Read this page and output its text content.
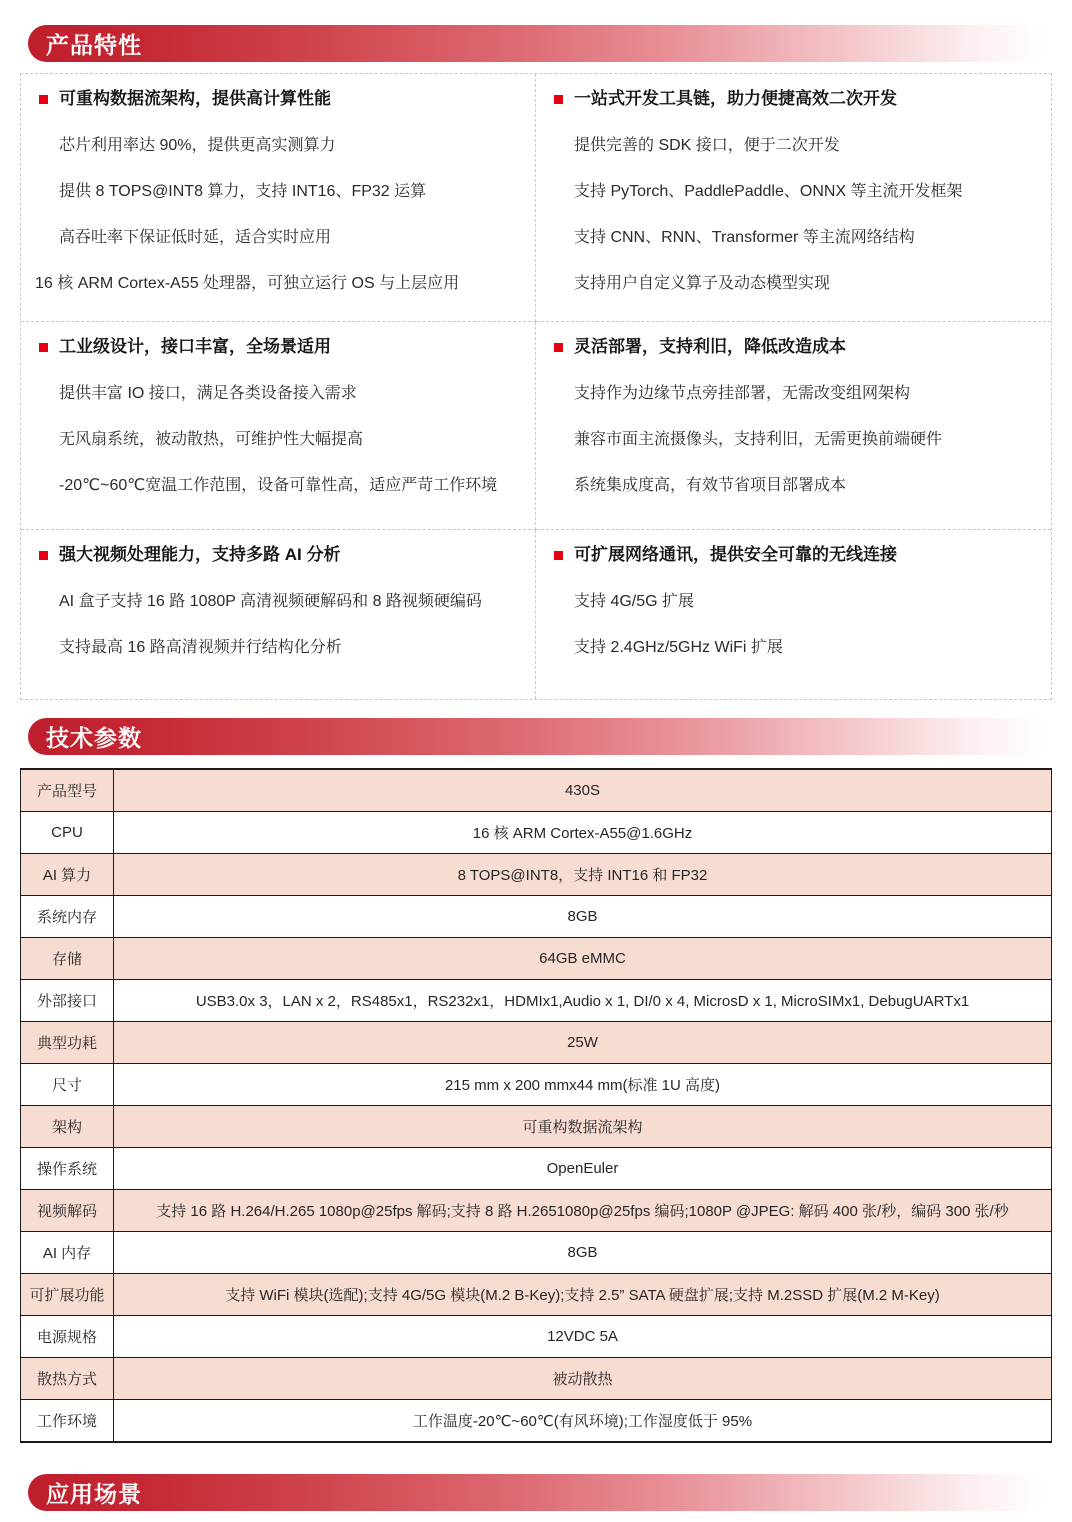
产品特性
可重构数据流架构，提供高计算性能

芯片利用率达 90%，提供更高实测算力

提供 8 TOPS@INT8 算力，支持 INT16、FP32 运算

高吞吐率下保证低时延，适合实时应用

16 核 ARM Cortex-A55 处理器，可独立运行 OS 与上层应用

一站式开发工具链，助力便捷高效二次开发

提供完善的 SDK 接口，便于二次开发

支持 PyTorch、PaddlePaddle、ONNX 等主流开发框架

支持 CNN、RNN、Transformer 等主流网络结构

支持用户自定义算子及动态模型实现

工业级设计，接口丰富，全场景适用

提供丰富 IO 接口，满足各类设备接入需求

无风扇系统，被动散热，可维护性大幅提高

-20℃~60℃宽温工作范围，设备可靠性高，适应严苛工作环境

灵活部署，支持利旧，降低改造成本

支持作为边缘节点旁挂部署，无需改变组网架构

兼容市面主流摄像头，支持利旧，无需更换前端硬件

系统集成度高，有效节省项目部署成本

强大视频处理能力，支持多路 AI 分析

AI 盒子支持 16 路 1080P 高清视频硬解码和 8 路视频硬编码

支持最高 16 路高清视频并行结构化分析

可扩展网络通讯，提供安全可靠的无线连接

支持 4G/5G 扩展

支持 2.4GHz/5GHz WiFi 扩展

技术参数
产品型号	430S
CPU	16 核 ARM Cortex-A55@1.6GHz
AI 算力	8 TOPS@INT8，支持 INT16 和 FP32
系统内存	8GB
存储	64GB eMMC
外部接口	USB3.0x 3，LAN x 2，RS485x1，RS232x1，HDMIx1,Audio x 1, DI/0 x 4, MicrosD x 1, MicroSIMx1, DebugUARTx1
典型功耗	25W
尺寸	215 mm x 200 mmx44 mm(标准 1U 高度)
架构	可重构数据流架构
操作系统	OpenEuler
视频解码	支持 16 路 H.264/H.265 1080p@25fps 解码;支持 8 路 H.2651080p@25fps 编码;1080P @JPEG: 解码 400 张/秒，编码 300 张/秒
AI 内存	8GB
可扩展功能	支持 WiFi 模块(选配);支持 4G/5G 模块(M.2 B-Key);支持 2.5” SATA 硬盘扩展;支持 M.2SSD 扩展(M.2 M-Key)
电源规格	12VDC 5A
散热方式	被动散热
工作环境	工作温度-20℃~60℃(有风环境);工作湿度低于 95%
应用场景
